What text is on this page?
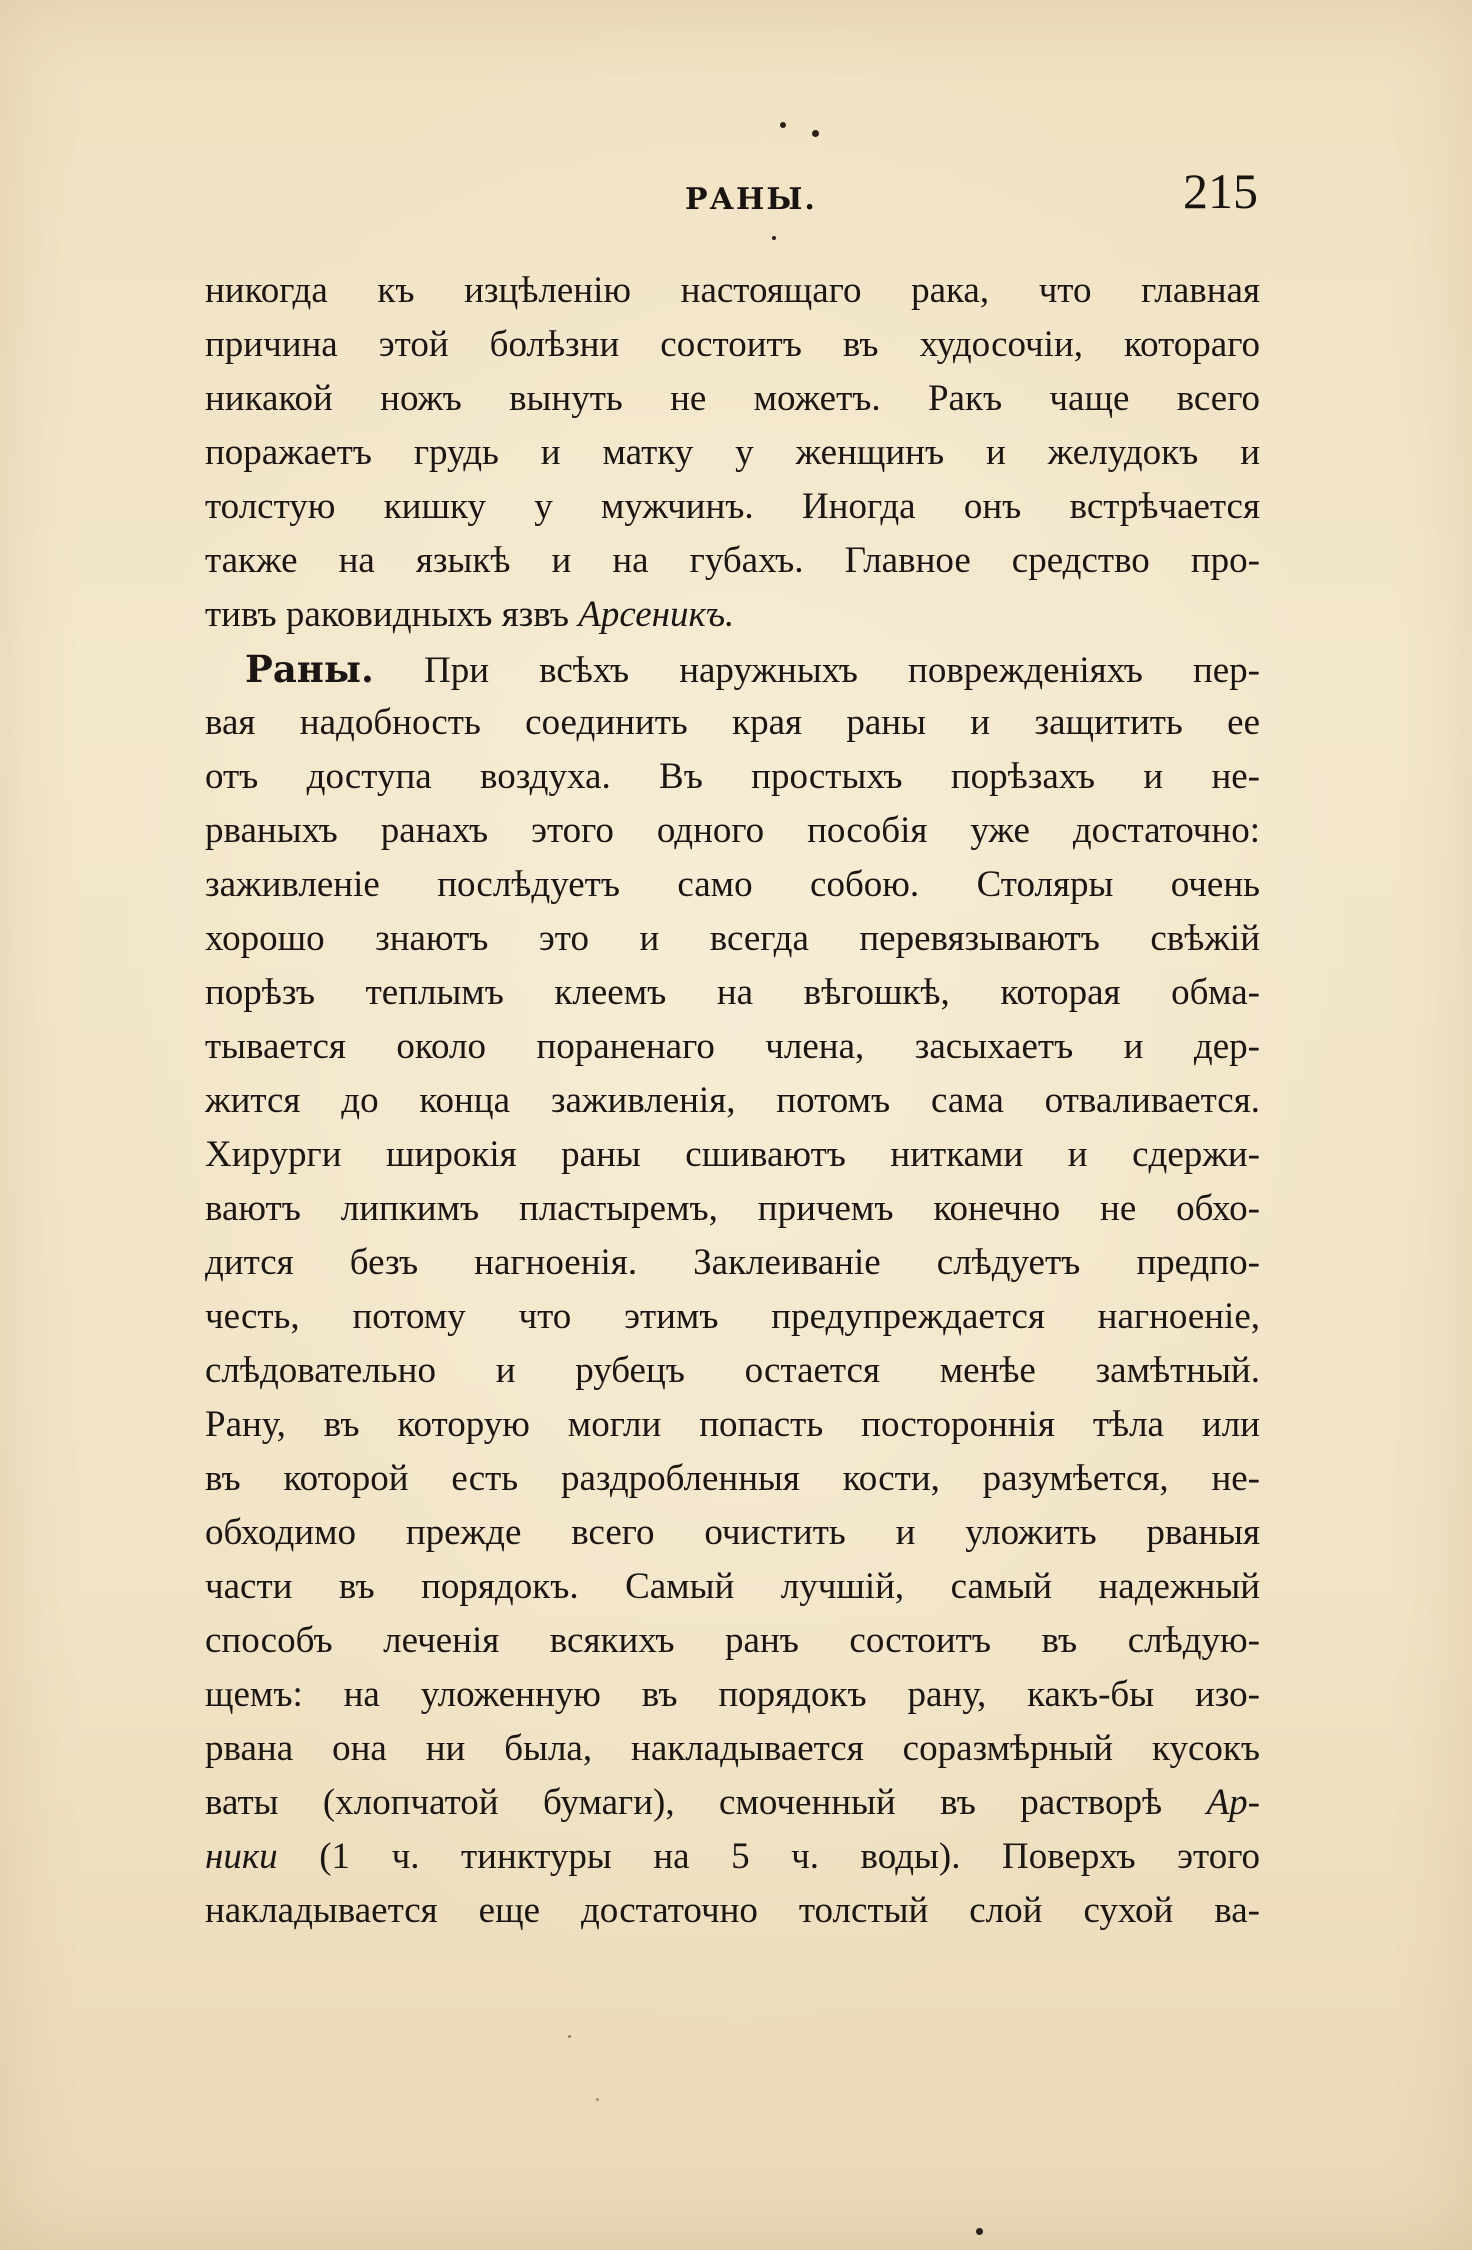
РАНЫ.	215
никогда къ изцѣленію настоящаго рака, что главная
причина этой болѣзни состоитъ въ худосочіи, котораго
никакой ножъ вынуть не можетъ. Ракъ чаще всего
поражаетъ грудь и матку у женщинъ и желудокъ и
толстую кишку у мужчинъ. Иногда онъ встрѣчается
также на языкѣ и на губахъ. Главное средство про-
тивъ раковидныхъ язвъ Арсеникъ.
Раны. При всѣхъ наружныхъ поврежденіяхъ пер-
вая надобность соединить края раны и защитить ее
отъ доступа воздуха. Въ простыхъ порѣзахъ и не-
рваныхъ ранахъ этого одного пособія уже достаточно:
заживленіе послѣдуетъ само собою. Столяры очень
хорошо знаютъ это и всегда перевязываютъ свѣжій
порѣзъ теплымъ клеемъ на вѣгошкѣ, которая обма-
тывается около пораненаго члена, засыхаетъ и дер-
жится до конца заживленія, потомъ сама отваливается.
Хирурги широкія раны сшиваютъ нитками и сдержи-
ваютъ липкимъ пластыремъ, причемъ конечно не обхо-
дится безъ нагноенія. Заклеиваніе слѣдуетъ предпо-
честь, потому что этимъ предупреждается нагноеніе,
слѣдовательно и рубецъ остается менѣе замѣтный.
Рану, въ которую могли попасть постороннія тѣла или
въ которой есть раздробленныя кости, разумѣется, не-
обходимо прежде всего очистить и уложить рваныя
части въ порядокъ. Самый лучшій, самый надежный
способъ леченія всякихъ ранъ состоитъ въ слѣдую-
щемъ: на уложенную въ порядокъ рану, какъ-бы изо-
рвана она ни была, накладывается соразмѣрный кусокъ
ваты (хлопчатой бумаги), смоченный въ растворѣ Ар-
ники (1 ч. тинктуры на 5 ч. воды). Поверхъ этого
накладывается еще достаточно толстый слой сухой ва-
